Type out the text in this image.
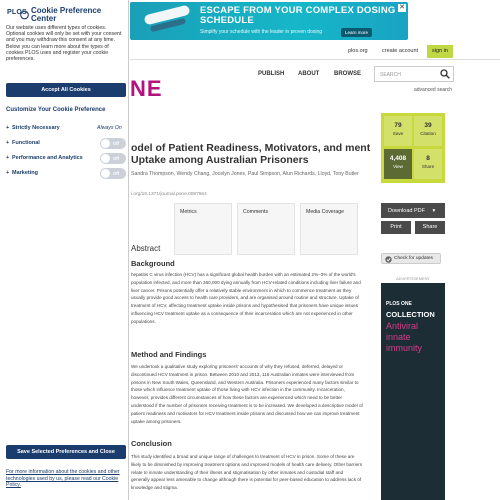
ESCAPE FROM YOUR COMPLEX DOSING SCHEDULE
Simplify your schedule with the leader in proven dosing	Learn more
✕
plos.org	create account	sign in
NE
PUBLISH ABOUT BROWSE	SEARCH
advanced search
odel of Patient Readiness, Motivators, and ment Uptake among Australian Prisoners
Sandra Thompson, Wendy Chang, Jocelyn Jones, Paul Simpson, Alun Richards, Lloyd, Tony Butler
i.org/10.1371/journal.pone.0087564
Metrics	Comments	Media Coverage
Abstract
Background
hepatitis C virus infection (HCV) has a significant global health burden with an estimated 2%–3% of the world's population infected, and more than 360,000 dying annually from HCV-related conditions including liver failure and liver cancer. Prisons potentially offer a relatively stable environment in which to commence treatment as they usually provide good access to health care providers, and are organised around routine and structure. Uptake of treatment of HCV, affecting treatment uptake inside prisons and hypothesised that prisoners have unique issues influencing HCV treatment uptake as a consequence of their incarceration which are not experienced in other populations.
Method and Findings
We undertook a qualitative study exploring prisoners' accounts of why they refused, deferred, delayed or discontinued HCV treatment in prison. Between 2010 and 2013, 116 Australian inmates were interviewed from prisons in New South Wales, Queensland, and Western Australia. Prisoners experienced many factors similar to those which influence treatment uptake of those living with HCV infection in the community. Incarceration, however, provides different circumstances of how these factors are experienced which need to be better understood if the number of prisoners receiving treatment is to be increased. We developed a descriptive model of patient readiness and motivators for HCV treatment inside prisons and discussed how we can improve treatment uptake among prisoners.
Conclusion
This study identified a broad and unique range of challenges to treatment of HCV in prison. Some of these are likely to be diminished by improving treatment options and improved models of health care delivery. Other barriers relate to inmate understanding of their illness and stigmatisation by other inmates and custodial staff and generally appear less amenable to change although there is potential for peer-based education to address lack of knowledge and stigma.
79
Save
39
Citation
4,408
View
8
Share
Download PDF ▾
Print	Share
Check for updates
ADVERTISEMENT
PLOS ONE
COLLECTION
Antiviral innate immunity
PLOS Cookie Preference Center
Our website uses different types of cookies. Optional cookies will only be set with your consent and you may withdraw this consent at any time. Below you can learn more about the types of cookies PLOS uses and register your cookie preferences.
Accept All Cookies
Customize Your Cookie Preference
+ Strictly Necessary	Always On
+ Functional	Off
+ Performance and Analytics	Off
+ Marketing	Off
Save Selected Preferences and Close
For more information about the cookies and other technologies used by us, please read our Cookie Policy.
